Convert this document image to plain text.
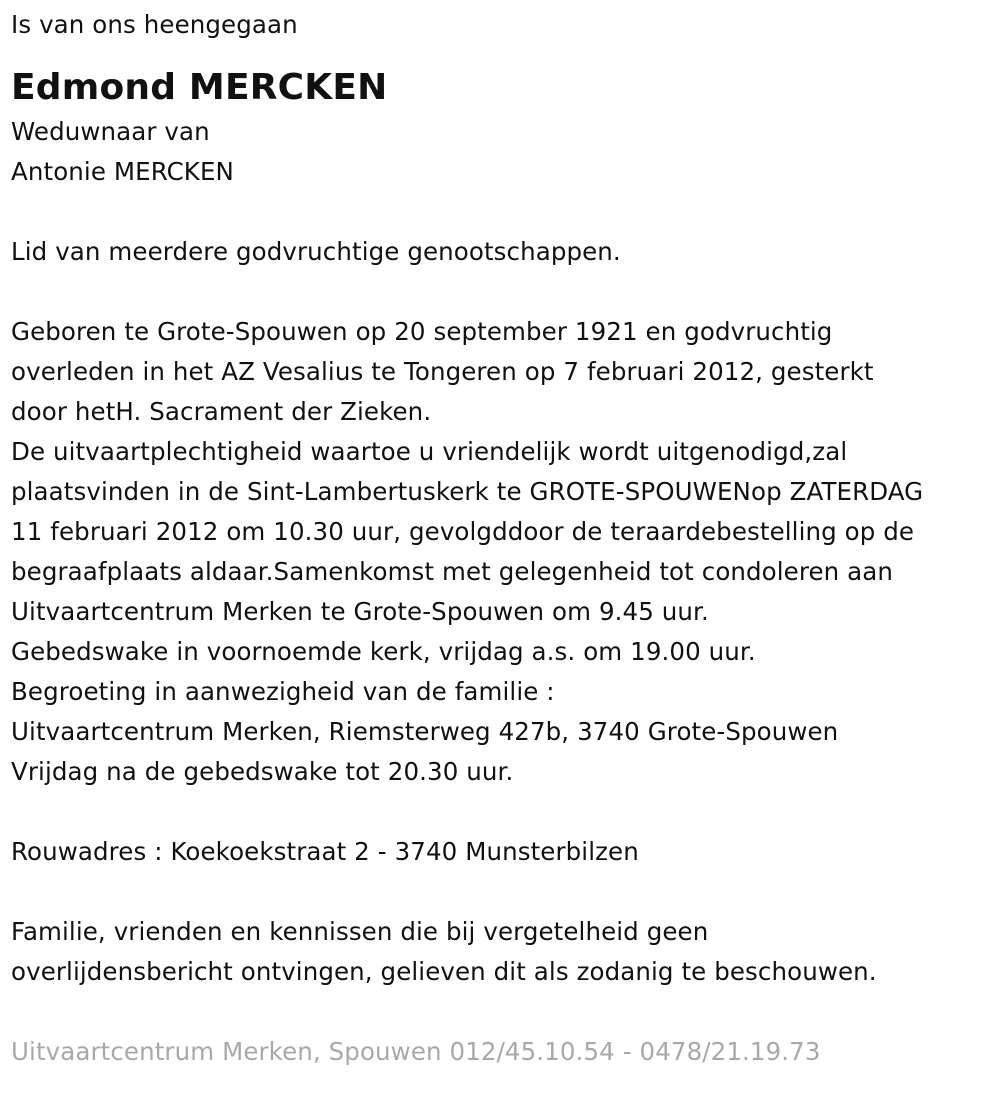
Is van ons heengegaan
Edmond MERCKEN
Weduwnaar van
Antonie MERCKEN
Lid van meerdere godvruchtige genootschappen.
Geboren te Grote-Spouwen op 20 september 1921 en godvruchtig
overleden in het AZ Vesalius te Tongeren op 7 februari 2012, gesterkt
door hetH. Sacrament der Zieken.
De uitvaartplechtigheid waartoe u vriendelijk wordt uitgenodigd,zal
plaatsvinden in de Sint-Lambertuskerk te GROTE-SPOUWENop ZATERDAG
11 februari 2012 om 10.30 uur, gevolgddoor de teraardebestelling op de
begraafplaats aldaar.Samenkomst met gelegenheid tot condoleren aan
Uitvaartcentrum Merken te Grote-Spouwen om 9.45 uur.
Gebedswake in voornoemde kerk, vrijdag a.s. om 19.00 uur.
Begroeting in aanwezigheid van de familie :
Uitvaartcentrum Merken, Riemsterweg 427b, 3740 Grote-Spouwen
Vrijdag na de gebedswake tot 20.30 uur.
Rouwadres : Koekoekstraat 2 - 3740 Munsterbilzen
Familie, vrienden en kennissen die bij vergetelheid geen
overlijdensbericht ontvingen, gelieven dit als zodanig te beschouwen.
Uitvaartcentrum Merken, Spouwen 012/45.10.54 - 0478/21.19.73
